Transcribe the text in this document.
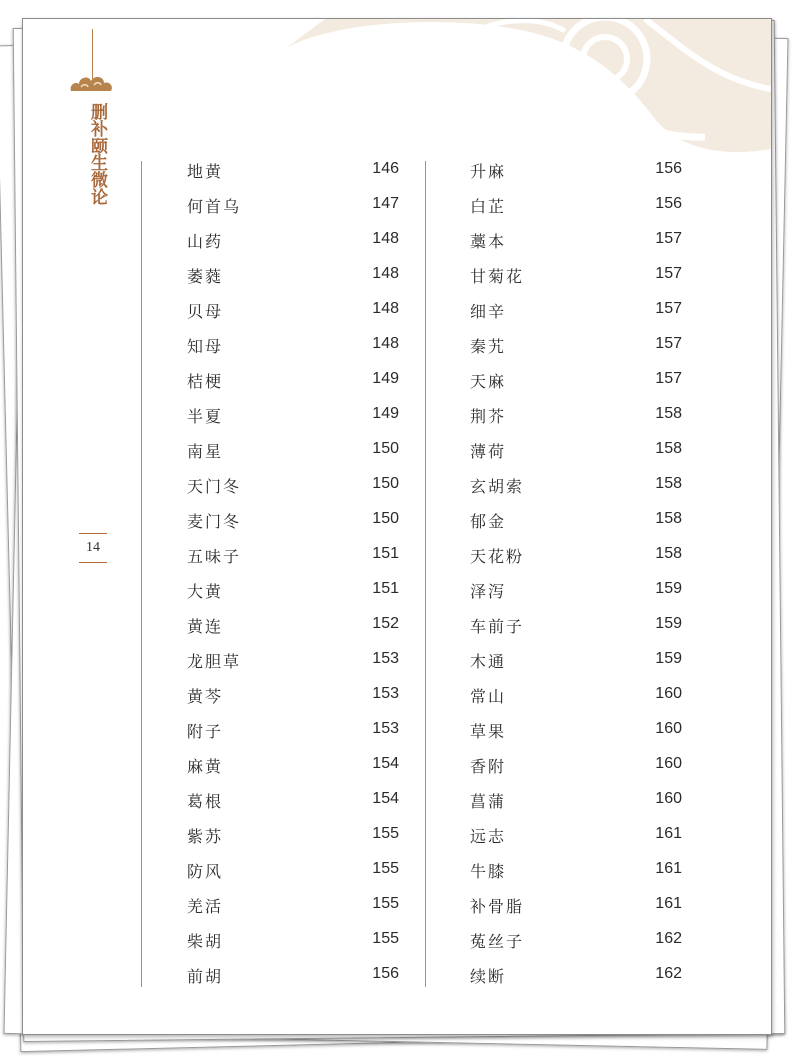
删补颐生微论
14
地黄	146
何首乌	147
山药	148
萎蕤	148
贝母	148
知母	148
桔梗	149
半夏	149
南星	150
天门冬	150
麦门冬	150
五味子	151
大黄	151
黄连	152
龙胆草	153
黄芩	153
附子	153
麻黄	154
葛根	154
紫苏	155
防风	155
羌活	155
柴胡	155
前胡	156
升麻	156
白芷	156
藁本	157
甘菊花	157
细辛	157
秦艽	157
天麻	157
荆芥	158
薄荷	158
玄胡索	158
郁金	158
天花粉	158
泽泻	159
车前子	159
木通	159
常山	160
草果	160
香附	160
菖蒲	160
远志	161
牛膝	161
补骨脂	161
菟丝子	162
续断	162
